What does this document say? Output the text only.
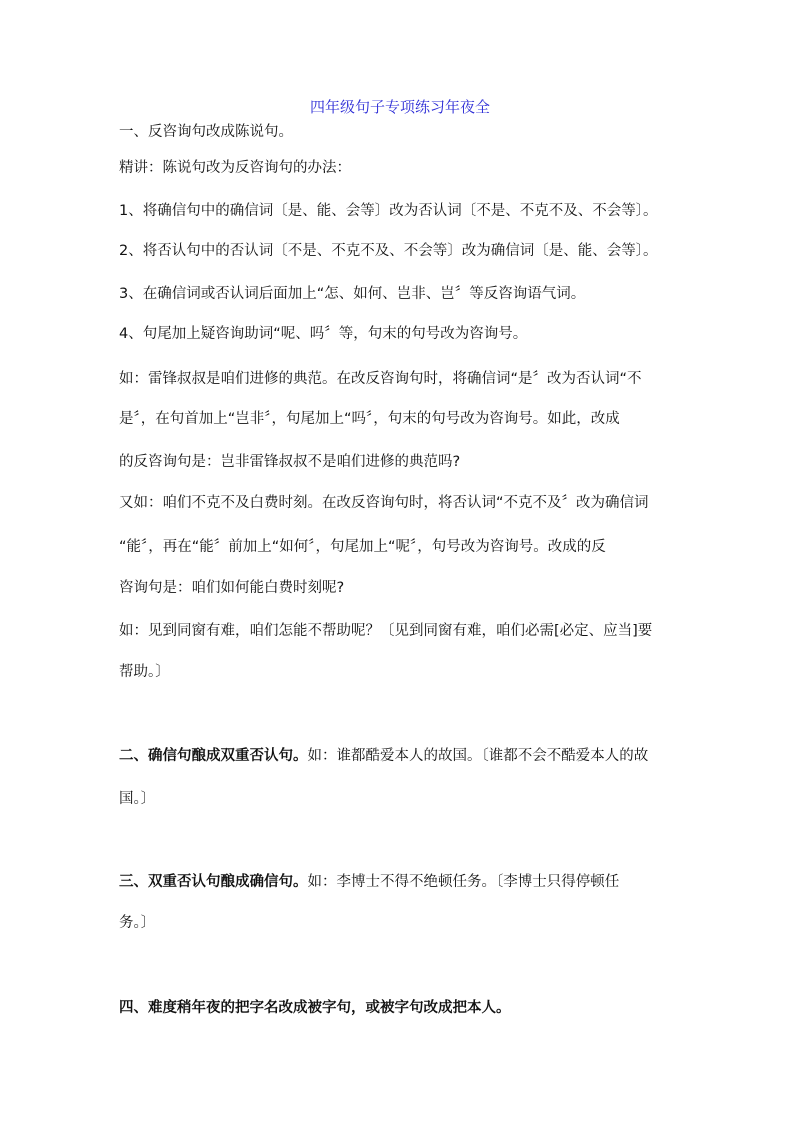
四年级句子专项练习年夜全
一、反咨询句改成陈说句。
精讲：陈说句改为反咨询句的办法：
1、将确信句中的确信词〔是、能、会等〕改为否认词〔不是、不克不及、不会等〕。
2、将否认句中的否认词〔不是、不克不及、不会等〕改为确信词〔是、能、会等〕。
3、在确信词或否认词后面加上“怎、如何、岂非、岂〞等反咨询语气词。
4、句尾加上疑咨询助词“呢、吗〞等，句末的句号改为咨询号。
如：雷锋叔叔是咱们进修的典范。在改反咨询句时，将确信词“是〞改为否认词“不
是〞，在句首加上“岂非〞，句尾加上“吗〞，句末的句号改为咨询号。如此，改成
的反咨询句是：岂非雷锋叔叔不是咱们进修的典范吗?
又如：咱们不克不及白费时刻。在改反咨询句时，将否认词“不克不及〞改为确信词
“能〞，再在“能〞前加上“如何〞，句尾加上“呢〞，句号改为咨询号。改成的反
咨询句是：咱们如何能白费时刻呢?
如：见到同窗有难，咱们怎能不帮助呢？〔见到同窗有难，咱们必需[必定、应当]要
帮助。〕
二、确信句酿成双重否认句。如：谁都酷爱本人的故国。〔谁都不会不酷爱本人的故
国。〕
三、双重否认句酿成确信句。如：李博士不得不绝顿任务。〔李博士只得停顿任
务。〕
四、难度稍年夜的把字名改成被字句，或被字句改成把本人。
